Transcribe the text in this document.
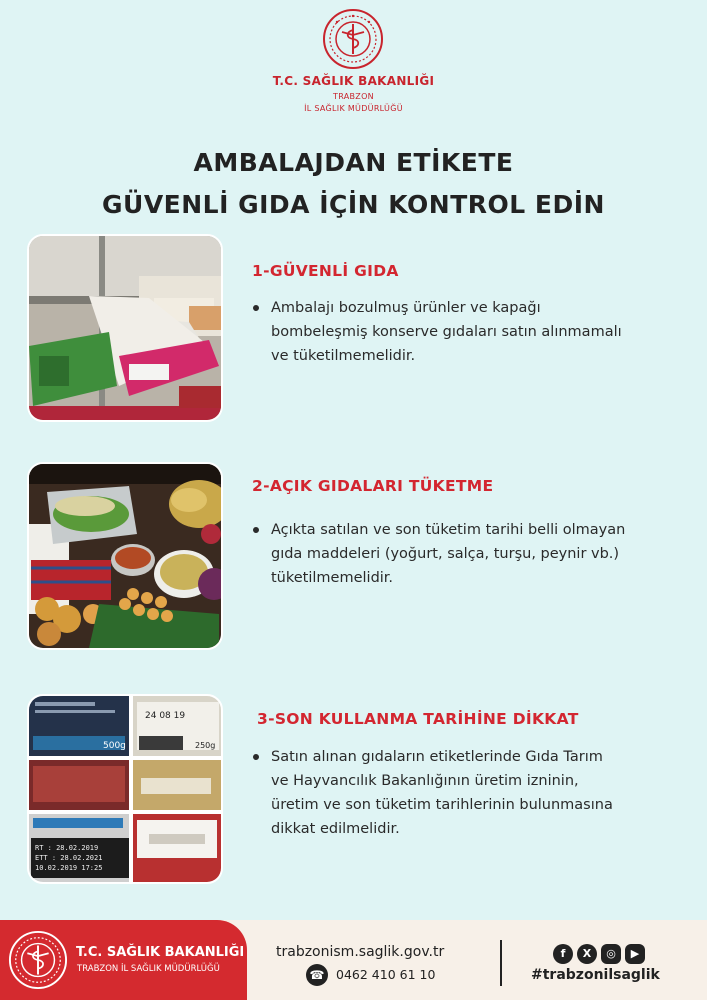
T.C. SAĞLIK BAKANLIĞI
TRABZON
İL SAĞLIK MÜDÜRLÜĞÜ
AMBALAJDAN ETİKETE
GÜVENLİ GIDA İÇİN KONTROL EDİN
1-GÜVENLİ GIDA
Ambalajı bozulmuş ürünler ve kapağı
bombeleşmiş konserve gıdaları satın alınmamalı
ve tüketilmemelidir.
2-AÇIK GIDALARI TÜKETME
Açıkta satılan ve son tüketim tarihi belli olmayan
gıda maddeleri (yoğurt, salça, turşu, peynir vb.)
tüketilmemelidir.
500g
24 08 19
250g
RT : 28.02.2019
ETT : 28.02.2021
10.02.2019 17:25
3-SON KULLANMA TARİHİNE DİKKAT
Satın alınan gıdaların etiketlerinde Gıda Tarım
ve Hayvancılık Bakanlığının üretim izninin,
üretim ve son tüketim tarihlerinin bulunmasına
dikkat edilmelidir.
T.C. SAĞLIK BAKANLIĞI
TRABZON İL SAĞLIK MÜDÜRLÜĞÜ
trabzonism.saglik.gov.tr
☎ 0462 410 61 10
f	X	◎	▶
#trabzonilsaglik
